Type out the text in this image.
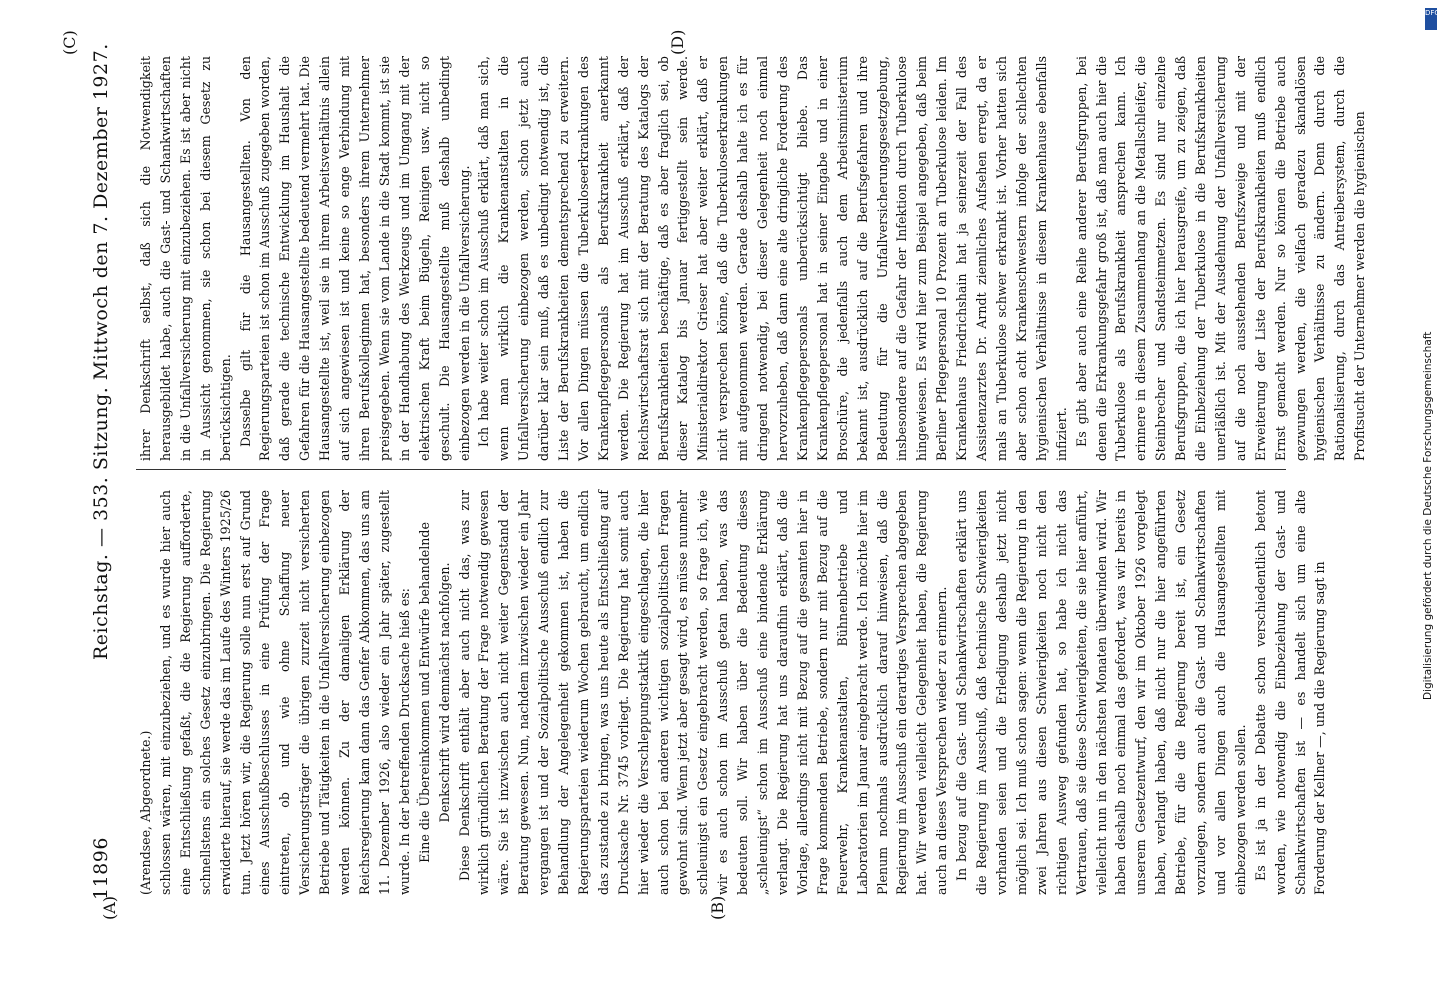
11896
Reichstag. — 353. Sitzung. Mittwoch den 7. Dezember 1927.
(A)	(B)
(C)	(D)

(Arendsee, Abgeordnete.) schlossen wären, mit einzubeziehen, und es wurde hier auch eine Entschließung gefaßt, die die Regierung aufforderte, schnellstens ein solches Gesetz einzubringen. Die Regierung erwiderte hierauf, sie werde das im Laufe des Winters 1925/26 tun. Jetzt hören wir, die Regierung solle nun erst auf Grund eines Ausschußbeschlusses in eine Prüfung der Frage eintreten, ob und wie ohne Schaffung neuer Versicherungsträger die übrigen zurzeit nicht versicherten Betriebe und Tätigkeiten in die Unfallversicherung einbezogen werden können. Zu der damaligen Erklärung der Reichsregierung kam dann das Genfer Abkommen, das uns am 11. Dezember 1926, also wieder ein Jahr später, zugestellt wurde. In der betreffenden Drucksache hieß es: Eine die Übereinkommen und Entwürfe behandelnde Denkschrift wird demnächst nachfolgen. Diese Denkschrift enthält aber auch nicht das, was zur wirklich gründlichen Beratung der Frage notwendig gewesen wäre. Sie ist inzwischen auch nicht weiter Gegenstand der Beratung gewesen. Nun, nachdem inzwischen wieder ein Jahr vergangen ist und der Sozialpolitische Ausschuß endlich zur Behandlung der Angelegenheit gekommen ist, haben die Regierungsparteien wiederum Wochen gebraucht, um endlich das zustande zu bringen, was uns heute als Entschließung auf Drucksache Nr. 3745 vorliegt. Die Regierung hat somit auch hier wieder die Verschleppungstaktik eingeschlagen, die hier auch schon bei anderen wichtigen sozialpolitischen Fragen gewohnt sind. Wenn jetzt aber gesagt wird, es müsse nunmehr schleunigst ein Gesetz eingebracht werden, so frage ich, wie wir es auch schon im Ausschuß getan haben, was das bedeuten soll. Wir haben über die Bedeutung dieses „schleunigst“ schon im Ausschuß eine bindende Erklärung verlangt. Die Regierung hat uns daraufhin erklärt, daß die Vorlage, allerdings nicht mit Bezug auf die gesamten hier in Frage kommenden Betriebe, sondern nur mit Bezug auf die Feuerwehr, Krankenanstalten, Bühnenbetriebe und Laboratorien im Januar eingebracht werde. Ich möchte hier im Plenum nochmals ausdrücklich darauf hinweisen, daß die Regierung im Ausschuß ein derartiges Versprechen abgegeben hat. Wir werden vielleicht Gelegenheit haben, die Regierung auch an dieses Versprechen wieder zu erinnern. In bezug auf die Gast- und Schankwirtschaften erklärt uns die Regierung im Ausschuß, daß technische Schwierigkeiten vorhanden seien und die Erledigung deshalb jetzt nicht möglich sei. Ich muß schon sagen: wenn die Regierung in den zwei Jahren aus diesen Schwierigkeiten noch nicht den richtigen Ausweg gefunden hat, so habe ich nicht das Vertrauen, daß sie diese Schwierigkeiten, die sie hier anführt, vielleicht nun in den nächsten Monaten überwinden wird. Wir haben deshalb noch einmal das gefordert, was wir bereits in unserem Gesetzentwurf, den wir im Oktober 1926 vorgelegt haben, verlangt haben, daß nicht nur die hier angeführten Betriebe, für die die Regierung bereit ist, ein Gesetz vorzulegen, sondern auch die Gast- und Schankwirtschaften und vor allen Dingen auch die Hausangestellten mit einbezogen werden sollen. Es ist ja in der Debatte schon verschiedentlich betont worden, wie notwendig die Einbeziehung der Gast- und Schankwirtschaften ist — es handelt sich um eine alte Forderung der Kellner —, und die Regierung sagt in

ihrer Denkschrift selbst, daß sich die Notwendigkeit herausgebildet habe, auch die Gast- und Schankwirtschaften in die Unfallversicherung mit einzubeziehen. Es ist aber nicht in Aussicht genommen, sie schon bei diesem Gesetz zu berücksichtigen. Dasselbe gilt für die Hausangestellten. Von den Regierungsparteien ist schon im Ausschuß zugegeben worden, daß gerade die technische Entwicklung im Haushalt die Gefahren für die Hausangestellte bedeutend vermehrt hat. Die Hausangestellte ist, weil sie in ihrem Arbeitsverhältnis allein auf sich angewiesen ist und keine so enge Verbindung mit ihren Berufskolleginnen hat, besonders ihrem Unternehmer preisgegeben. Wenn sie vom Lande in die Stadt kommt, ist sie in der Handhabung des Werkzeugs und im Umgang mit der elektrischen Kraft beim Bügeln, Reinigen usw. nicht so geschult. Die Hausangestellte muß deshalb unbedingt einbezogen werden in die Unfallversicherung. Ich habe weiter schon im Ausschuß erklärt, daß man sich, wenn man wirklich die Krankenanstalten in die Unfallversicherung einbezogen werden, schon jetzt auch darüber klar sein muß, daß es unbedingt notwendig ist, die Liste der Berufskrankheiten dementsprechend zu erweitern. Vor allen Dingen müssen die Tuberkuloseerkrankungen des Krankenpflegepersonals als Berufskrankheit anerkannt werden. Die Regierung hat im Ausschuß erklärt, daß der Reichswirtschaftsrat sich mit der Beratung des Katalogs der Berufskrankheiten beschäftige, daß es aber fraglich sei, ob dieser Katalog bis Januar fertiggestellt sein werde. Ministerialdirektor Grieser hat aber weiter erklärt, daß er nicht versprechen könne, daß die Tuberkuloseerkrankungen mit aufgenommen werden. Gerade deshalb halte ich es für dringend notwendig, bei dieser Gelegenheit noch einmal hervorzuheben, daß dann eine alte dringliche Forderung des Krankenpflegepersonals unberücksichtigt bliebe. Das Krankenpflegepersonal hat in seiner Eingabe und in einer Broschüre, die jedenfalls auch dem Arbeitsministerium bekannt ist, ausdrücklich auf die Berufsgefahren und ihre Bedeutung für die Unfallversicherungsgesetzgebung, insbesondere auf die Gefahr der Infektion durch Tuberkulose hingewiesen. Es wird hier zum Beispiel angegeben, daß beim Berliner Pflegepersonal 10 Prozent an Tuberkulose leiden. Im Krankenhaus Friedrichshain hat ja seinerzeit der Fall des Assistenzarztes Dr. Arndt ziemliches Aufsehen erregt, da er mals an Tuberkulose schwer erkrankt ist. Vorher hatten sich aber schon acht Krankenschwestern infolge der schlechten hygienischen Verhältnisse in diesem Krankenhause ebenfalls infiziert. Es gibt aber auch eine Reihe anderer Berufsgruppen, bei denen die Erkrankungsgefahr groß ist, daß man auch hier die Tuberkulose als Berufskrankheit ansprechen kann. Ich erinnere in diesem Zusammenhang an die Metallschleifer, die Steinbrecher und Sandsteinmetzen. Es sind nur einzelne Berufsgruppen, die ich hier herausgreife, um zu zeigen, daß die Einbeziehung der Tuberkulose in die Berufskrankheiten unerläßlich ist. Mit der Ausdehnung der Unfallversicherung auf die noch ausstehenden Berufszweige und mit der Erweiterung der Liste der Berufskrankheiten muß endlich Ernst gemacht werden. Nur so können die Betriebe auch gezwungen werden, die vielfach geradezu skandalösen hygienischen Verhältnisse zu ändern. Denn durch die Rationalisierung, durch das Antreibersystem, durch die Profitsucht der Unternehmer werden die hygienischen

Digitalisierung gefördert durch die Deutsche Forschungsgemeinschaft
DFG
